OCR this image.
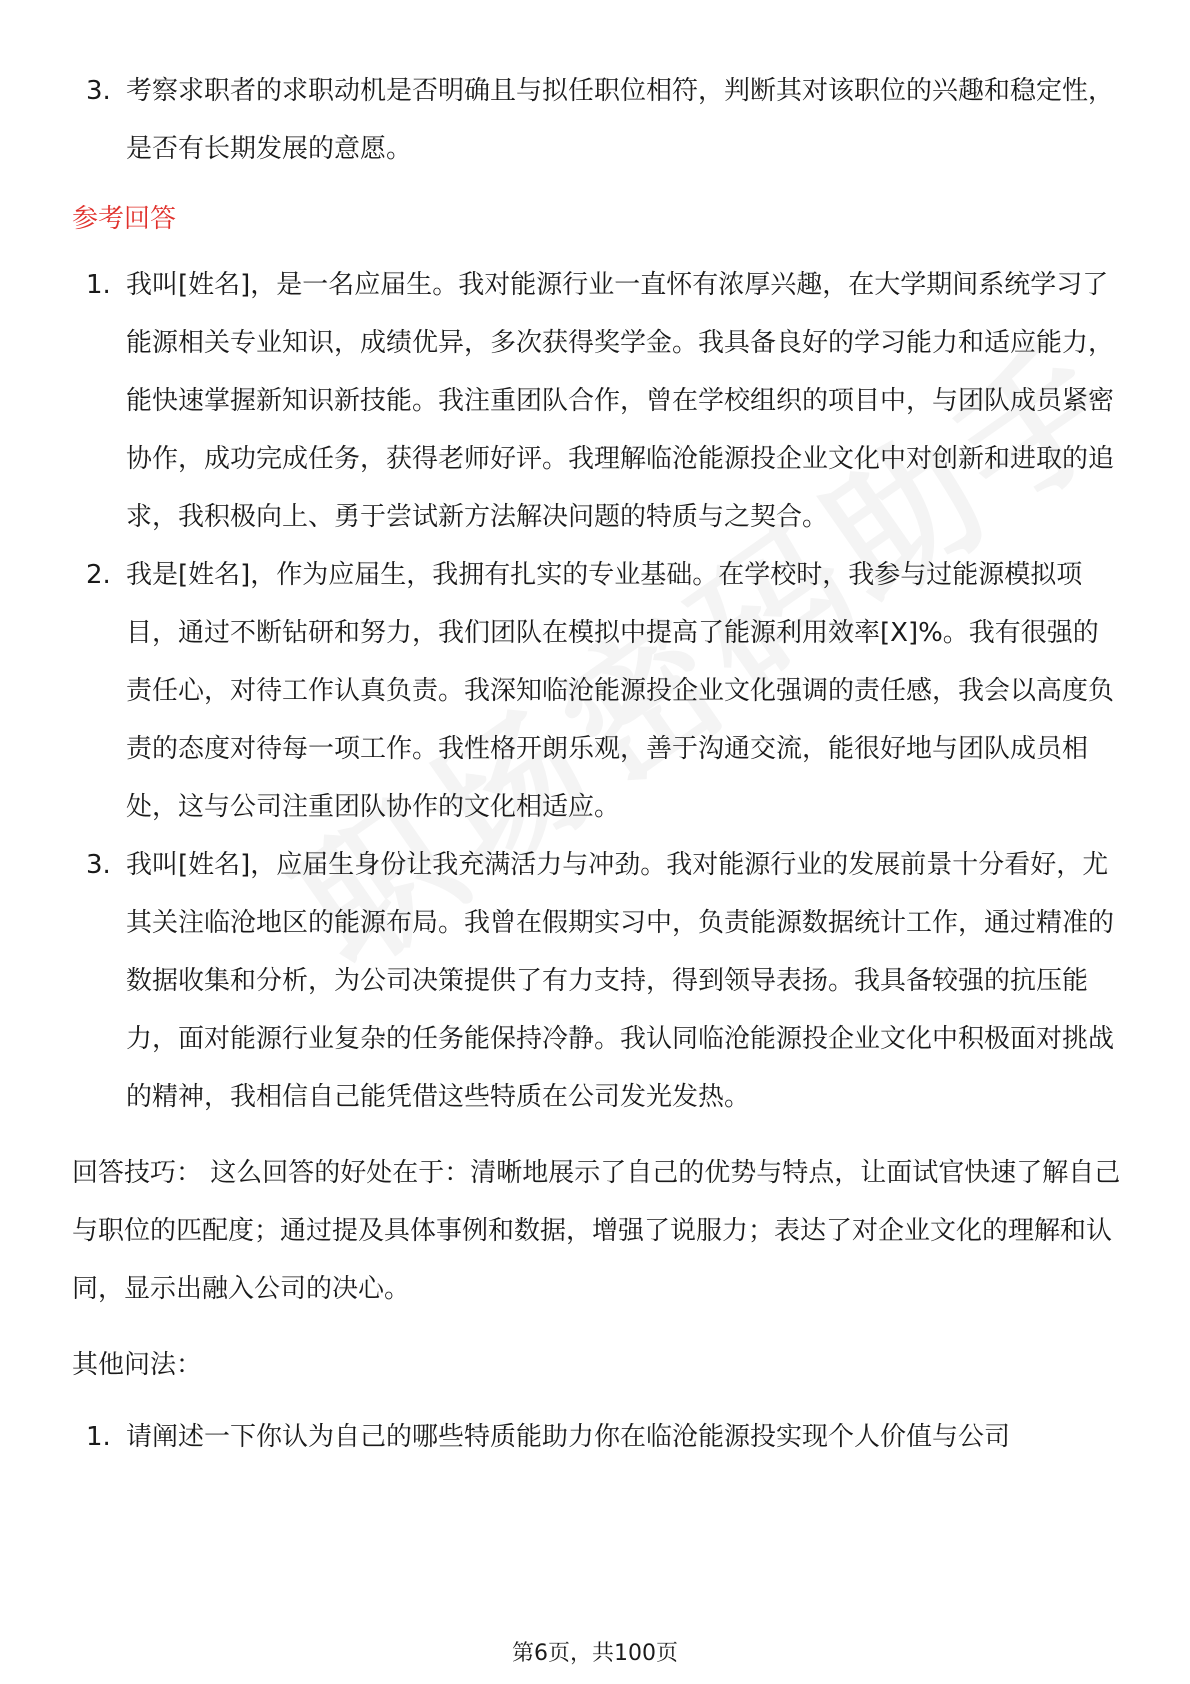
3. 考察求职者的求职动机是否明确且与拟任职位相符，判断其对该职位的兴趣和稳定性，是否有长期发展的意愿。
参考回答
1. 我叫[姓名]，是一名应届生。我对能源行业一直怀有浓厚兴趣，在大学期间系统学习了能源相关专业知识，成绩优异，多次获得奖学金。我具备良好的学习能力和适应能力，能快速掌握新知识新技能。我注重团队合作，曾在学校组织的项目中，与团队成员紧密协作，成功完成任务，获得老师好评。我理解临沧能源投企业文化中对创新和进取的追求，我积极向上、勇于尝试新方法解决问题的特质与之契合。
2. 我是[姓名]，作为应届生，我拥有扎实的专业基础。在学校时，我参与过能源模拟项目，通过不断钻研和努力，我们团队在模拟中提高了能源利用效率[X]%。我有很强的责任心，对待工作认真负责。我深知临沧能源投企业文化强调的责任感，我会以高度负责的态度对待每一项工作。我性格开朗乐观，善于沟通交流，能很好地与团队成员相处，这与公司注重团队协作的文化相适应。
3. 我叫[姓名]，应届生身份让我充满活力与冲劲。我对能源行业的发展前景十分看好，尤其关注临沧地区的能源布局。我曾在假期实习中，负责能源数据统计工作，通过精准的数据收集和分析，为公司决策提供了有力支持，得到领导表扬。我具备较强的抗压能力，面对能源行业复杂的任务能保持冷静。我认同临沧能源投企业文化中积极面对挑战的精神，我相信自己能凭借这些特质在公司发光发热。
回答技巧： 这么回答的好处在于：清晰地展示了自己的优势与特点，让面试官快速了解自己与职位的匹配度；通过提及具体事例和数据，增强了说服力；表达了对企业文化的理解和认同，显示出融入公司的决心。
其他问法：
1. 请阐述一下你认为自己的哪些特质能助力你在临沧能源投实现个人价值与公司
第6页，共100页
